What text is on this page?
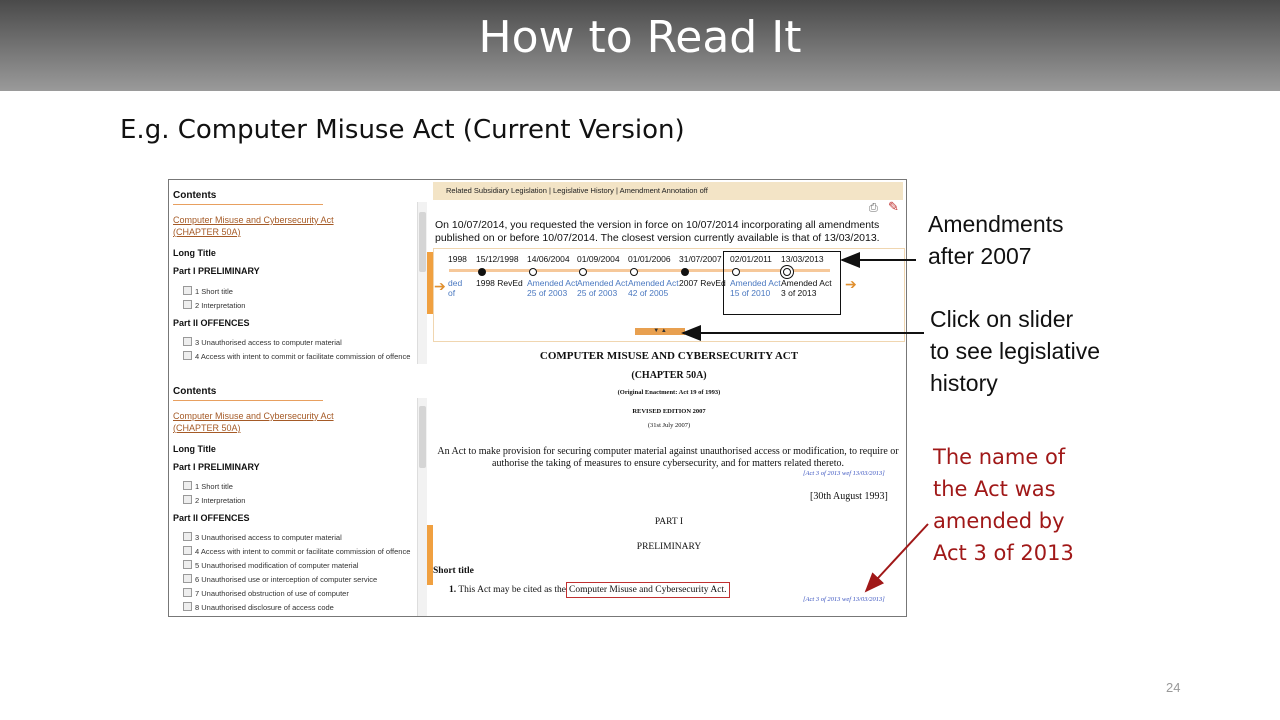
How to Read It
E.g. Computer Misuse Act (Current Version)
Contents
Computer Misuse and Cybersecurity Act
(CHAPTER 50A)
Long Title
Part I PRELIMINARY
1 Short title
2 Interpretation
Part II OFFENCES
3 Unauthorised access to computer material
4 Access with intent to commit or facilitate commission of offence
Contents
Computer Misuse and Cybersecurity Act
(CHAPTER 50A)
Long Title
Part I PRELIMINARY
1 Short title
2 Interpretation
Part II OFFENCES
3 Unauthorised access to computer material
4 Access with intent to commit or facilitate commission of offence
5 Unauthorised modification of computer material
6 Unauthorised use or interception of computer service
7 Unauthorised obstruction of use of computer
8 Unauthorised disclosure of access code
Related Subsidiary Legislation | Legislative History | Amendment Annotation off
⎙ ✎
On 10/07/2014, you requested the version in force on 10/07/2014 incorporating all amendments published on or before 10/07/2014. The closest version currently available is that of 13/03/2013.
1998
ded
of
15/12/1998
1998 RevEd
14/06/2004
Amended Act 25 of 2003
01/09/2004
Amended Act 25 of 2003
01/01/2006
Amended Act 42 of 2005
31/07/2007
2007 RevEd
02/01/2011
Amended Act 15 of 2010
13/03/2013
Amended Act 3 of 2013
➔	➔
▼ ▲
COMPUTER MISUSE AND CYBERSECURITY ACT
(CHAPTER 50A)
(Original Enactment: Act 19 of 1993)
REVISED EDITION 2007
(31st July 2007)
An Act to make provision for securing computer material against unauthorised access or modification, to require or authorise the taking of measures to ensure cybersecurity, and for matters related thereto.
[Act 3 of 2013 wef 13/03/2013]
[30th August 1993]
PART I
PRELIMINARY
Short title
1. This Act may be cited as the Computer Misuse and Cybersecurity Act.
[Act 3 of 2013 wef 13/03/2013]
Amendments
after 2007
Click on slider
to see legislative
history
The name of
the Act was
amended by
Act 3 of 2013
24
